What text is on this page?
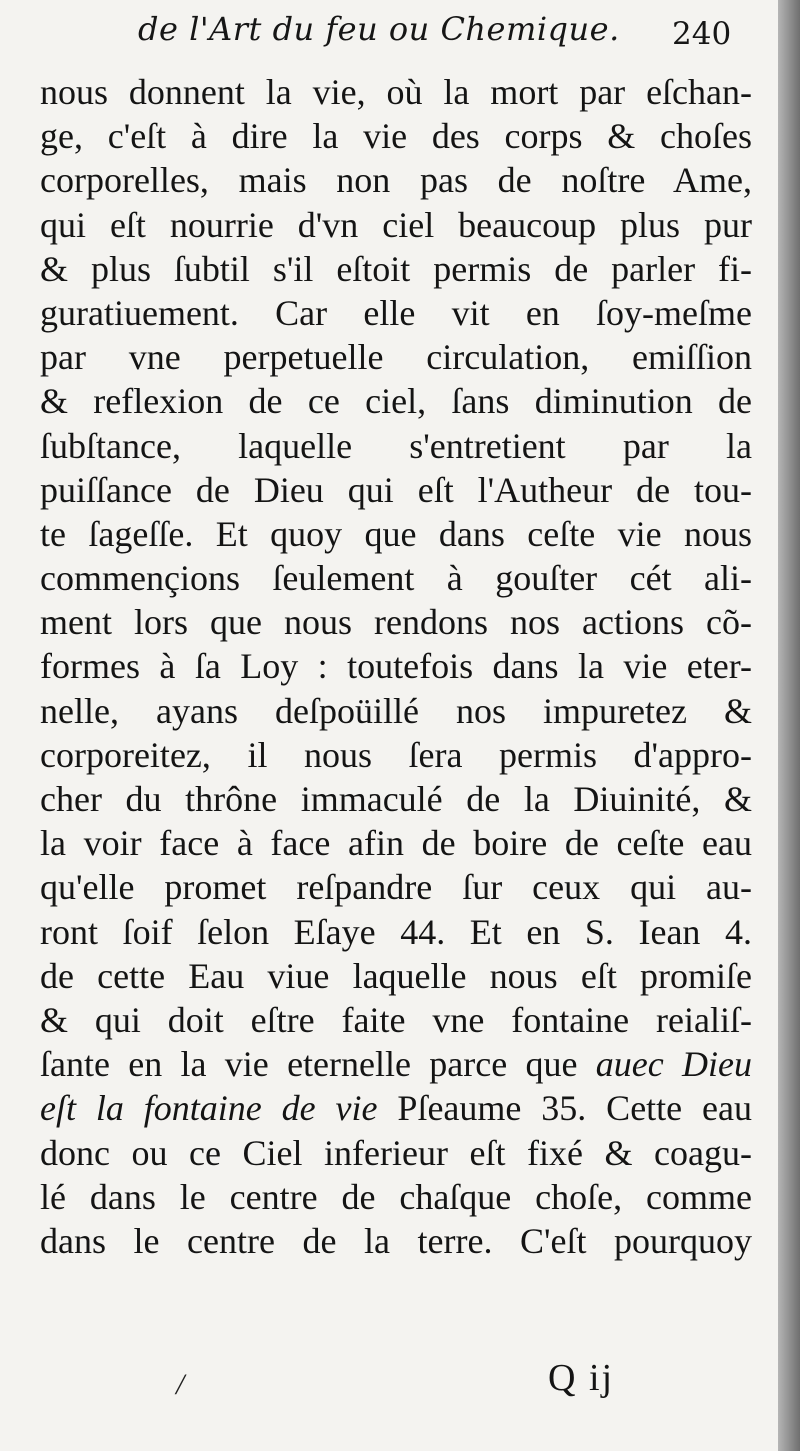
de l'Art du feu ou Chemique. 240
nous donnent la vie, où la mort par eſchan-
ge, c'eſt à dire la vie des corps & choſes
corporelles, mais non pas de noſtre Ame,
qui eſt nourrie d'vn ciel beaucoup plus pur
& plus ſubtil s'il eſtoit permis de parler fi-
guratiuement. Car elle vit en ſoy-meſme
par vne perpetuelle circulation, emiſſion
& reflexion de ce ciel, ſans diminution de
ſubſtance, laquelle s'entretient par la
puiſſance de Dieu qui eſt l'Autheur de tou-
te ſageſſe. Et quoy que dans ceſte vie nous
commençions ſeulement à gouſter cét ali-
ment lors que nous rendons nos actions cõ-
formes à ſa Loy : toutefois dans la vie eter-
nelle, ayans deſpoüillé nos impuretez &
corporeitez, il nous ſera permis d'appro-
cher du thrône immaculé de la Diuinité, &
la voir face à face afin de boire de ceſte eau
qu'elle promet reſpandre ſur ceux qui au-
ront ſoif ſelon Eſaye 44. Et en S. Iean 4.
de cette Eau viue laquelle nous eſt promiſe
& qui doit eſtre faite vne fontaine reialiſ-
ſante en la vie eternelle parce que auec Dieu
eſt la fontaine de vie Pſeaume 35. Cette eau
donc ou ce Ciel inferieur eſt fixé & coagu-
lé dans le centre de chaſque choſe, comme
dans le centre de la terre. C'eſt pourquoy
/	Q ij
